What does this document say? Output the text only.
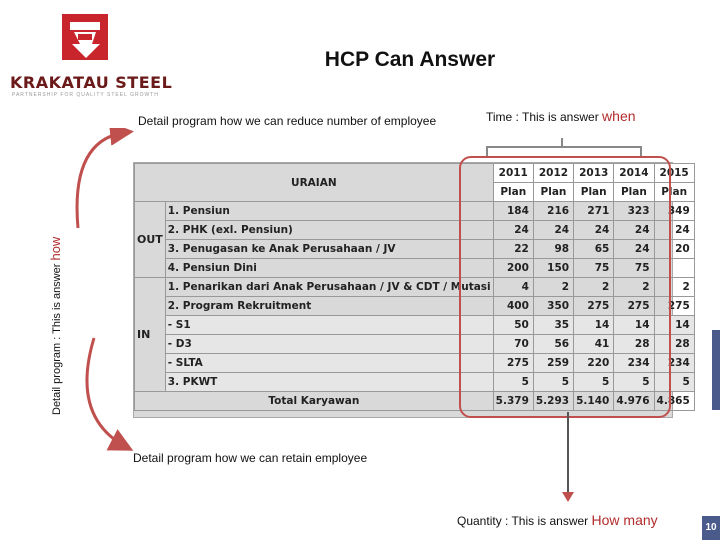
KRAKATAU STEEL
PARTNERSHIP FOR QUALITY STEEL GROWTH
HCP Can Answer
Detail program how we can reduce number of employee	Time : This is answer when
Detail program : This is answer how
URAIAN		2011	2012	2013	2014	2015
		Plan	Plan	Plan	Plan	Plan
OUT	1. Pensiun	184	216	271	323	349
	2. PHK (exl. Pensiun)	24	24	24	24	24
	3. Penugasan ke Anak Perusahaan / JV	22	98	65	24	20
	4. Pensiun Dini	200	150	75	75	
IN	1. Penarikan dari Anak Perusahaan / JV & CDT / Mutasi	4	2	2	2	2
	2. Program Rekruitment	400	350	275	275	275
	- S1	50	35	14	14	14
	- D3	70	56	41	28	28
	- SLTA	275	259	220	234	234
	3. PKWT	5	5	5	5	5
Total Karyawan		5.379	5.293	5.140	4.976	4.865
Detail program how we can retain employee
Quantity : This is answer How many	10
